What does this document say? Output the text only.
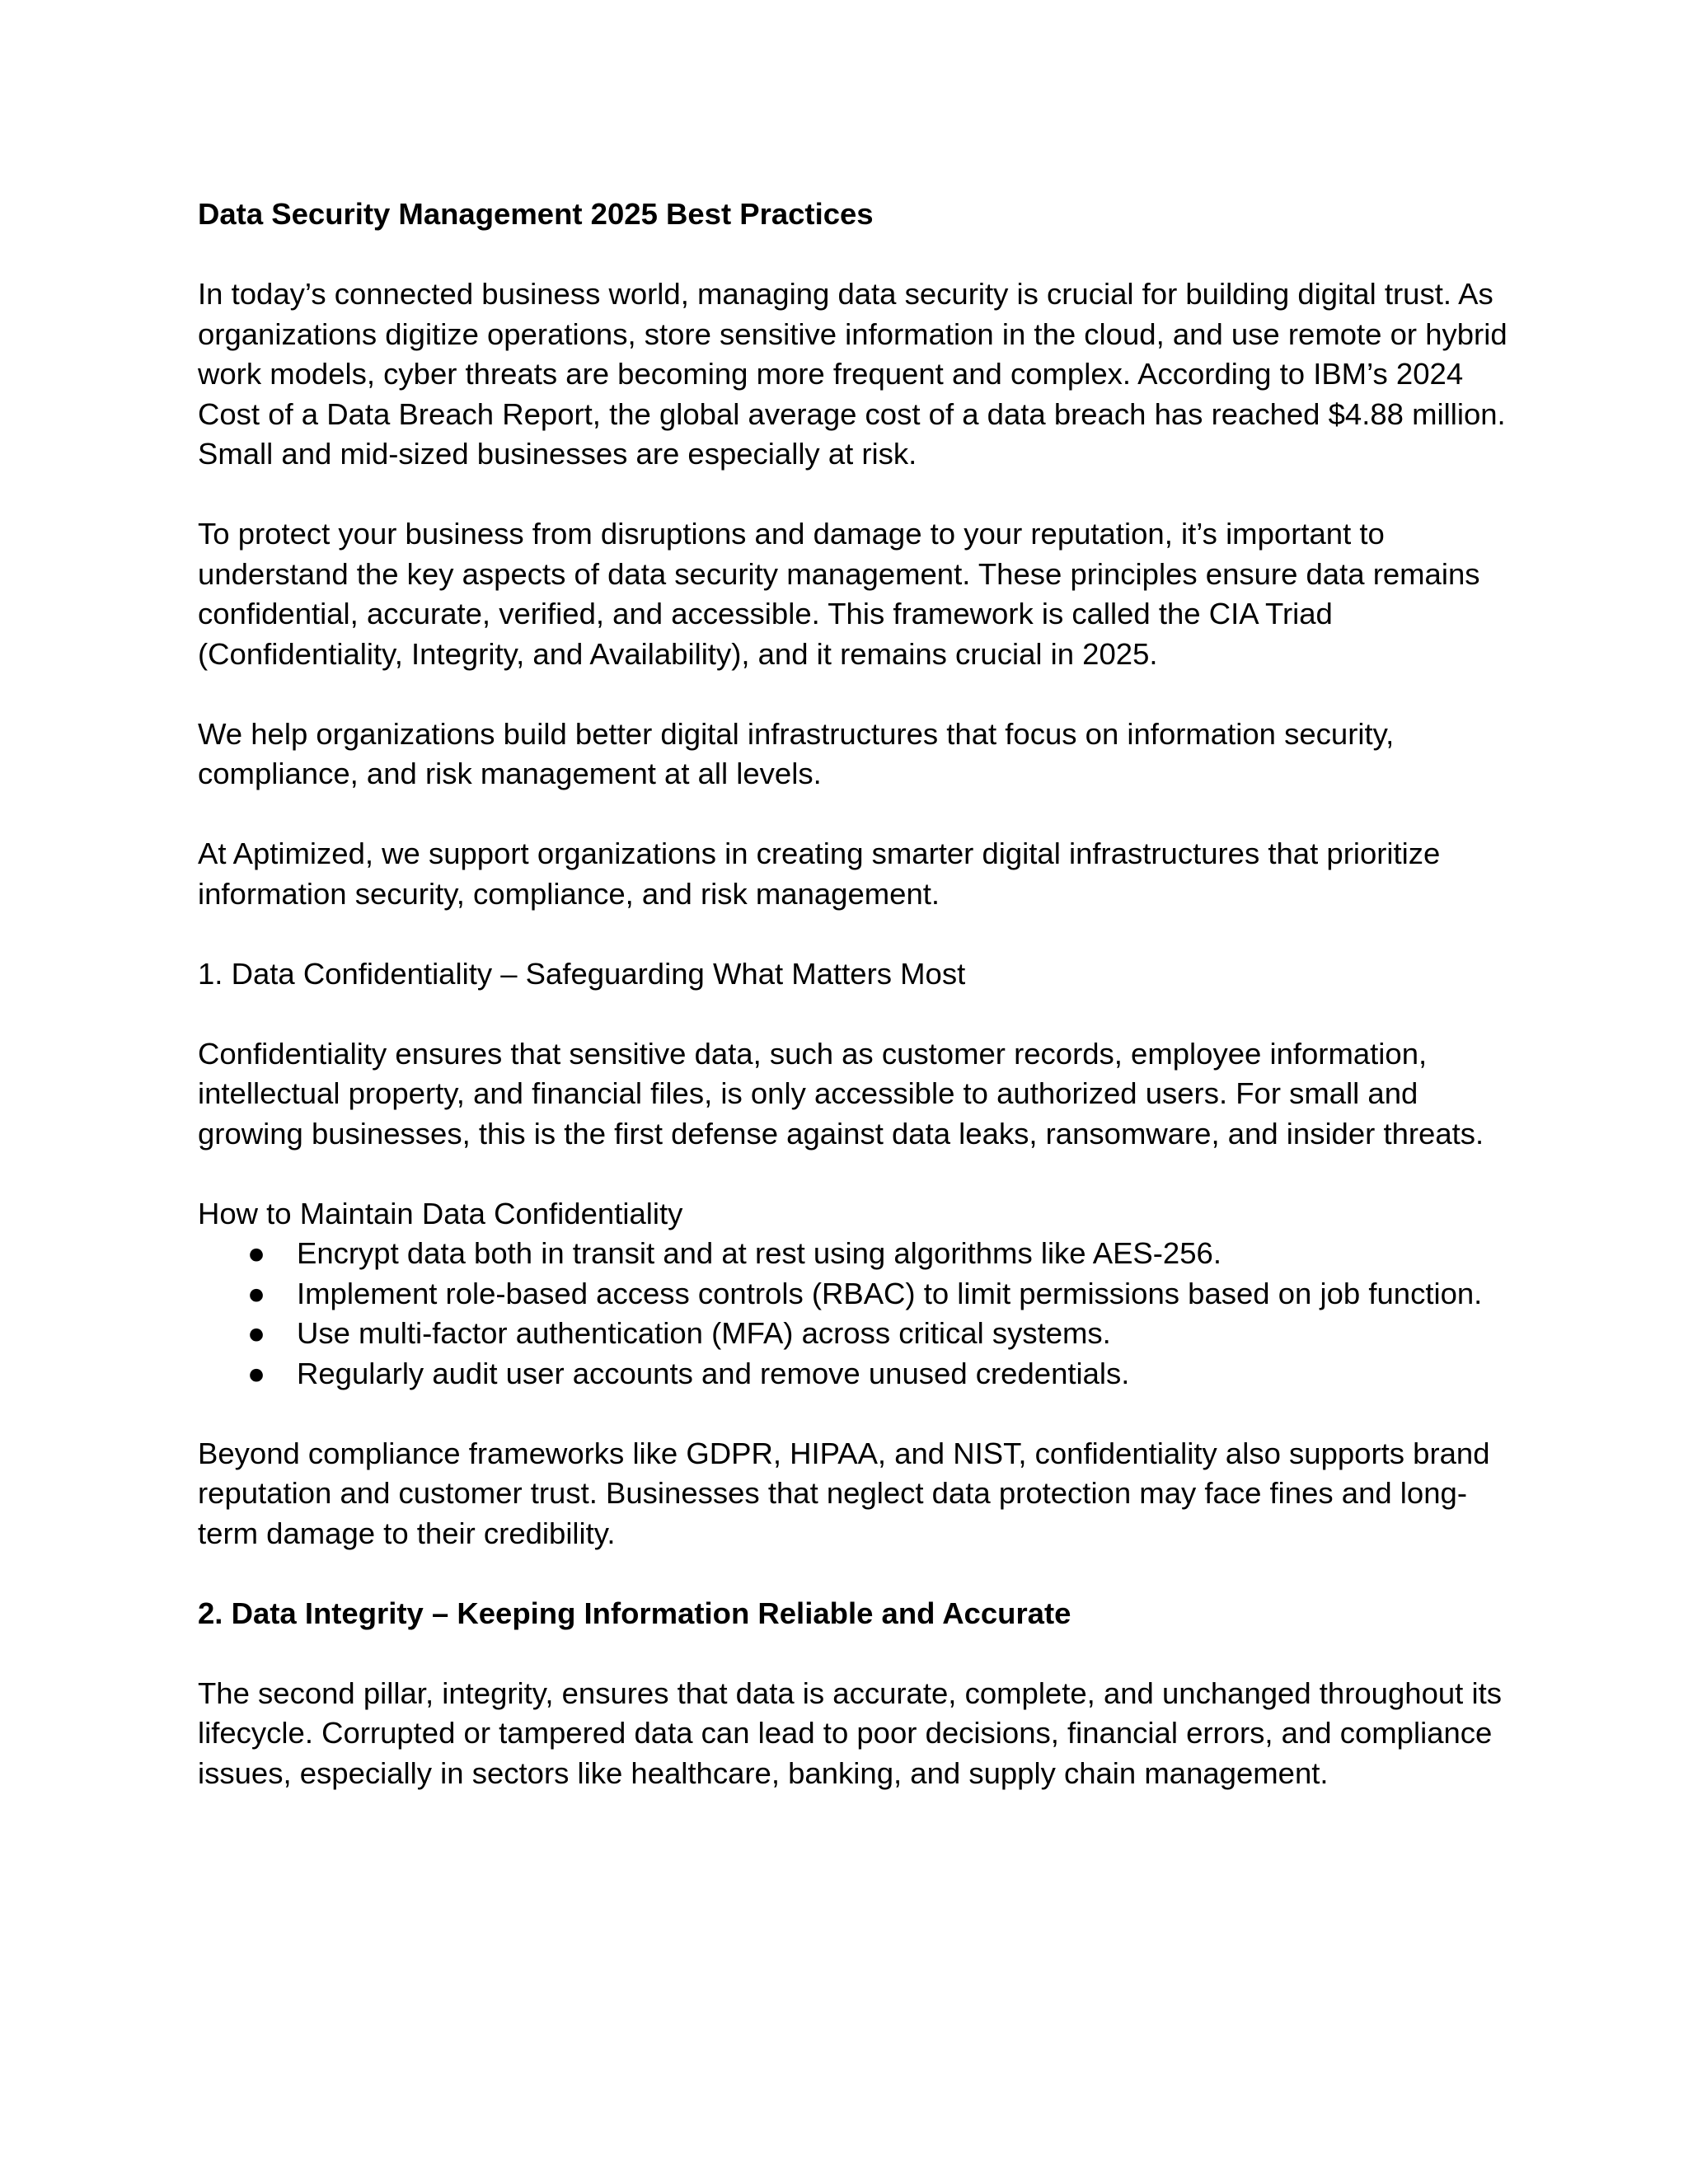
Data Security Management 2025 Best Practices

In today’s connected business world, managing data security is crucial for building digital trust. As organizations digitize operations, store sensitive information in the cloud, and use remote or hybrid work models, cyber threats are becoming more frequent and complex. According to IBM’s 2024 Cost of a Data Breach Report, the global average cost of a data breach has reached $4.88 million. Small and mid-sized businesses are especially at risk.

To protect your business from disruptions and damage to your reputation, it’s important to understand the key aspects of data security management. These principles ensure data remains confidential, accurate, verified, and accessible. This framework is called the CIA Triad (Confidentiality, Integrity, and Availability), and it remains crucial in 2025.

We help organizations build better digital infrastructures that focus on information security, compliance, and risk management at all levels.

At Aptimized, we support organizations in creating smarter digital infrastructures that prioritize information security, compliance, and risk management.

1. Data Confidentiality – Safeguarding What Matters Most

Confidentiality ensures that sensitive data, such as customer records, employee information, intellectual property, and financial files, is only accessible to authorized users. For small and growing businesses, this is the first defense against data leaks, ransomware, and insider threats.

How to Maintain Data Confidentiality

● Encrypt data both in transit and at rest using algorithms like AES-256.
● Implement role-based access controls (RBAC) to limit permissions based on job function.
● Use multi-factor authentication (MFA) across critical systems.
● Regularly audit user accounts and remove unused credentials.

Beyond compliance frameworks like GDPR, HIPAA, and NIST, confidentiality also supports brand reputation and customer trust. Businesses that neglect data protection may face fines and long-term damage to their credibility.

2. Data Integrity – Keeping Information Reliable and Accurate

The second pillar, integrity, ensures that data is accurate, complete, and unchanged throughout its lifecycle. Corrupted or tampered data can lead to poor decisions, financial errors, and compliance issues, especially in sectors like healthcare, banking, and supply chain management.
